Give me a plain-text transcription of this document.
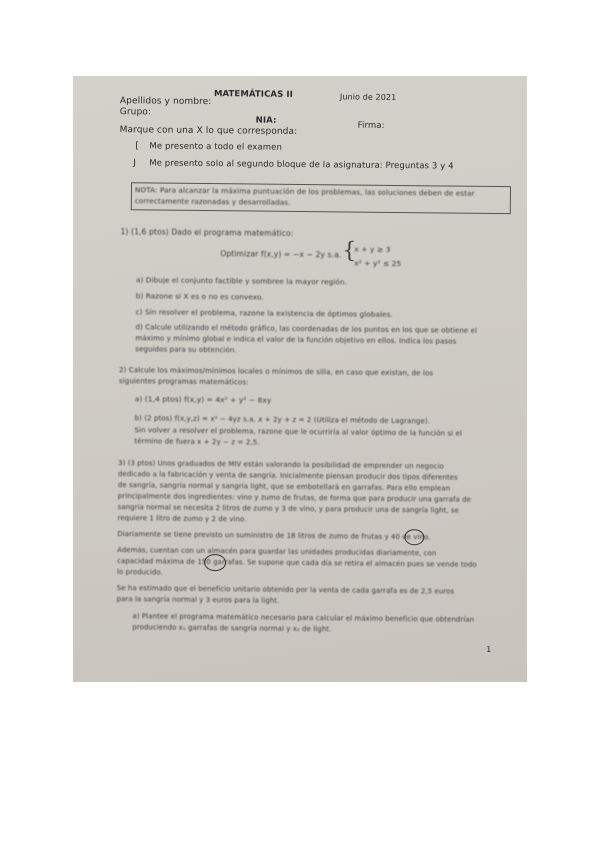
MATEMÁTICAS II	Junio de 2021
Apellidos y nombre:
Grupo:
NIA:	Firma:
Marque con una X lo que corresponda:
[ Me presento a todo el examen
J Me presento solo al segundo bloque de la asignatura: Preguntas 3 y 4
NOTA: Para alcanzar la máxima puntuación de los problemas, las soluciones deben de estar
correctamente razonadas y desarrolladas.
1) (1,6 ptos) Dado el programa matemático:
Optimizar f(x,y) = −x − 2y s.a. {
x + y ≥ 3
x² + y² ≤ 25
a) Dibuje el conjunto factible y sombree la mayor región.
b) Razone si X es o no es convexo.
c) Sin resolver el problema, razone la existencia de óptimos globales.
d) Calcule utilizando el método gráfico, las coordenadas de los puntos en los que se obtiene el
máximo y mínimo global e indica el valor de la función objetivo en ellos. Indica los pasos
seguidos para su obtención.
2) Calcule los máximos/mínimos locales o mínimos de silla, en caso que existan, de los
siguientes programas matemáticos:
a) (1,4 ptos) f(x,y) = 4x² + y² − 8xy
b) (2 ptos) f(x,y,z) = x² − 4yz s.a. x + 2y + z = 2 (Utiliza el método de Lagrange).
Sin volver a resolver el problema, razone que le ocurriría al valor óptimo de la función si el
término de fuera x + 2y − z = 2,5.
3) (3 ptos) Unos graduados de MIV están valorando la posibilidad de emprender un negocio
dedicado a la fabricación y venta de sangría. Inicialmente piensan producir dos tipos diferentes
de sangría, sangría normal y sangría light, que se embotellará en garrafas. Para ello emplean
principalmente dos ingredientes: vino y zumo de frutas, de forma que para producir una garrafa de
sangría normal se necesita 2 litros de zumo y 3 de vino, y para producir una de sangría light, se
requiere 1 litro de zumo y 2 de vino.
Diariamente se tiene previsto un suministro de 18 litros de zumo de frutas y 40 de vino.
Además, cuentan con un almacén para guardar las unidades producidas diariamente, con
capacidad máxima de 150 garrafas. Se supone que cada día se retira el almacén pues se vende todo
lo producido.
Se ha estimado que el beneficio unitario obtenido por la venta de cada garrafa es de 2,5 euros
para la sangría normal y 3 euros para la light.
a) Plantee el programa matemático necesario para calcular el máximo beneficio que obtendrían
produciendo x₁ garrafas de sangría normal y x₂ de light.
1
